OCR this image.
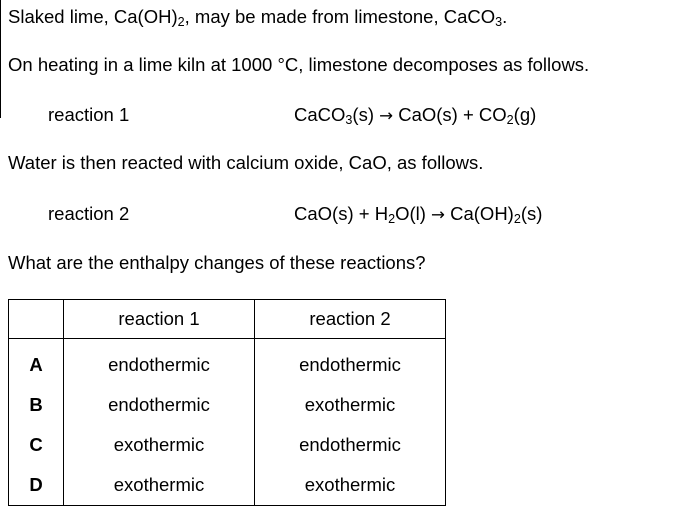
Slaked lime, $Ca(OH)_2$, may be made from limestone, CaCO$_3$.
On heating in a lime kiln at 1000 °C, limestone decomposes as follows.
reaction 1	CaCO$_3$(s) → $CaO(s) + CO_2(g)$
Water is then reacted with calcium oxide, CaO, as follows.
reaction 2	$CaO(s) + H_2O(l) \to Ca(OH)_2(s)$
What are the enthalpy changes of these reactions?
	reaction 1	reaction 2
A	endothermic	endothermic
B	endothermic	exothermic
C	exothermic	endothermic
D	exothermic	exothermic
